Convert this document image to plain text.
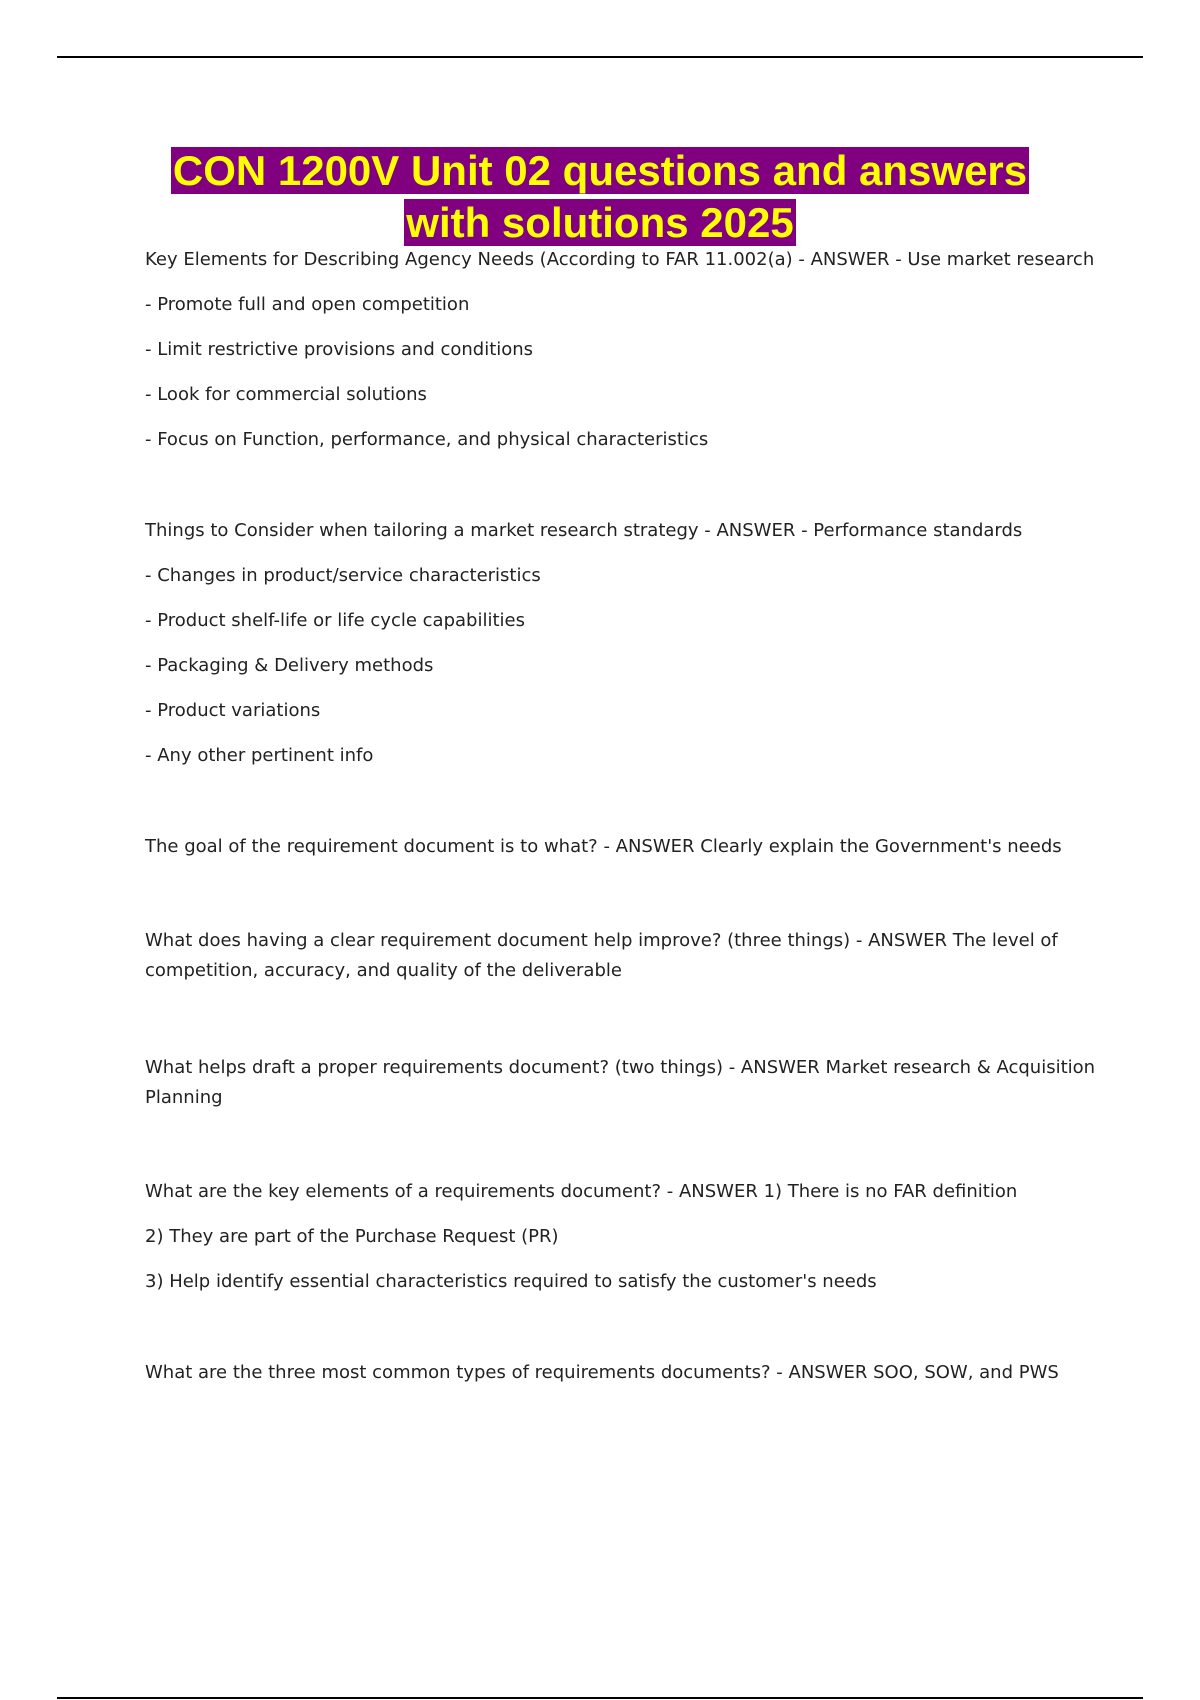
CON 1200V Unit 02 questions and answers
with solutions 2025
Key Elements for Describing Agency Needs (According to FAR 11.002(a) - ANSWER - Use market research
- Promote full and open competition
- Limit restrictive provisions and conditions
- Look for commercial solutions
- Focus on Function, performance, and physical characteristics
Things to Consider when tailoring a market research strategy - ANSWER - Performance standards
- Changes in product/service characteristics
- Product shelf-life or life cycle capabilities
- Packaging & Delivery methods
- Product variations
- Any other pertinent info
The goal of the requirement document is to what? - ANSWER Clearly explain the Government's needs
What does having a clear requirement document help improve? (three things) - ANSWER The level of competition, accuracy, and quality of the deliverable
What helps draft a proper requirements document? (two things) - ANSWER Market research & Acquisition Planning
What are the key elements of a requirements document? - ANSWER 1) There is no FAR definition
2) They are part of the Purchase Request (PR)
3) Help identify essential characteristics required to satisfy the customer's needs
What are the three most common types of requirements documents? - ANSWER SOO, SOW, and PWS
